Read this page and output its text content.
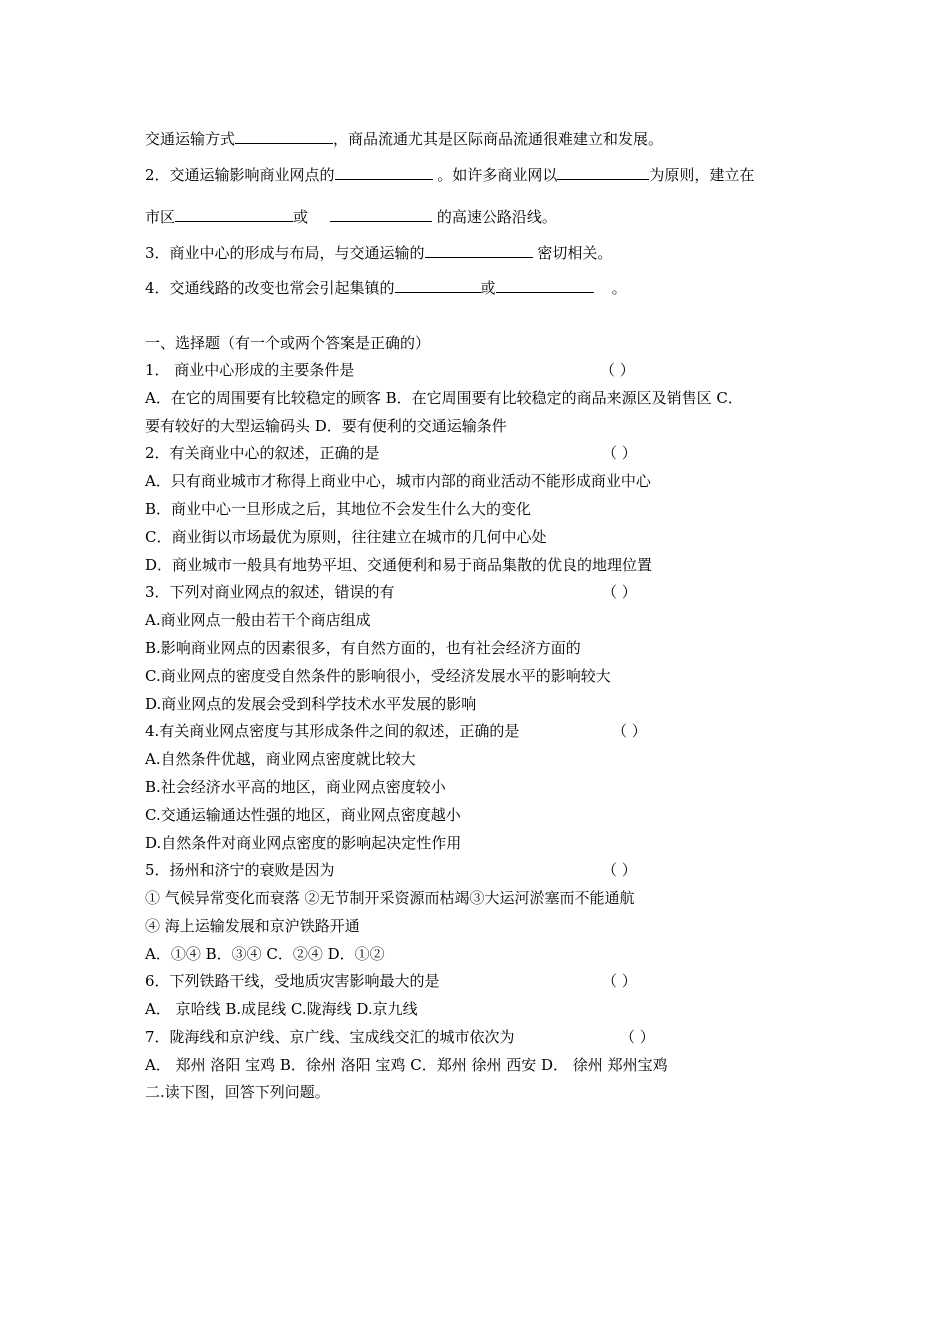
交通运输方式	，商品流通尤其是区际商品流通很难建立和发展。
2．交通运输影响商业网点的	。如许多商业网以	为原则，建立在
市区	或	的高速公路沿线。
3．商业中心的形成与布局，与交通运输的	密切相关。
4．交通线路的改变也常会引起集镇的	或	。
一、选择题（有一个或两个答案是正确的）
1． 商业中心形成的主要条件是	（ ）
A．在它的周围要有比较稳定的顾客 B．在它周围要有比较稳定的商品来源区及销售区 C．
要有较好的大型运输码头 D．要有便利的交通运输条件
2．有关商业中心的叙述，正确的是	（ ）
A．只有商业城市才称得上商业中心，城市内部的商业活动不能形成商业中心
B．商业中心一旦形成之后，其地位不会发生什么大的变化
C．商业街以市场最优为原则，往往建立在城市的几何中心处
D．商业城市一般具有地势平坦、交通便利和易于商品集散的优良的地理位置
3．下列对商业网点的叙述，错误的有	（ ）
A.商业网点一般由若干个商店组成
B.影响商业网点的因素很多，有自然方面的，也有社会经济方面的
C.商业网点的密度受自然条件的影响很小，受经济发展水平的影响较大
D.商业网点的发展会受到科学技术水平发展的影响
4.有关商业网点密度与其形成条件之间的叙述，正确的是	（ ）
A.自然条件优越，商业网点密度就比较大
B.社会经济水平高的地区，商业网点密度较小
C.交通运输通达性强的地区，商业网点密度越小
D.自然条件对商业网点密度的影响起决定性作用
5．扬州和济宁的衰败是因为	（ ）
① 气候异常变化而衰落 ②无节制开采资源而枯竭③大运河淤塞而不能通航
④ 海上运输发展和京沪铁路开通
A．①④ B．③④ C．②④ D．①②
6．下列铁路干线，受地质灾害影响最大的是	（ ）
A． 京哈线 B.成昆线 C.陇海线 D.京九线
7．陇海线和京沪线、京广线、宝成线交汇的城市依次为	（ ）
A． 郑州 洛阳 宝鸡 B．徐州 洛阳 宝鸡 C．郑州 徐州 西安 D． 徐州 郑州宝鸡
二.读下图，回答下列问题。
